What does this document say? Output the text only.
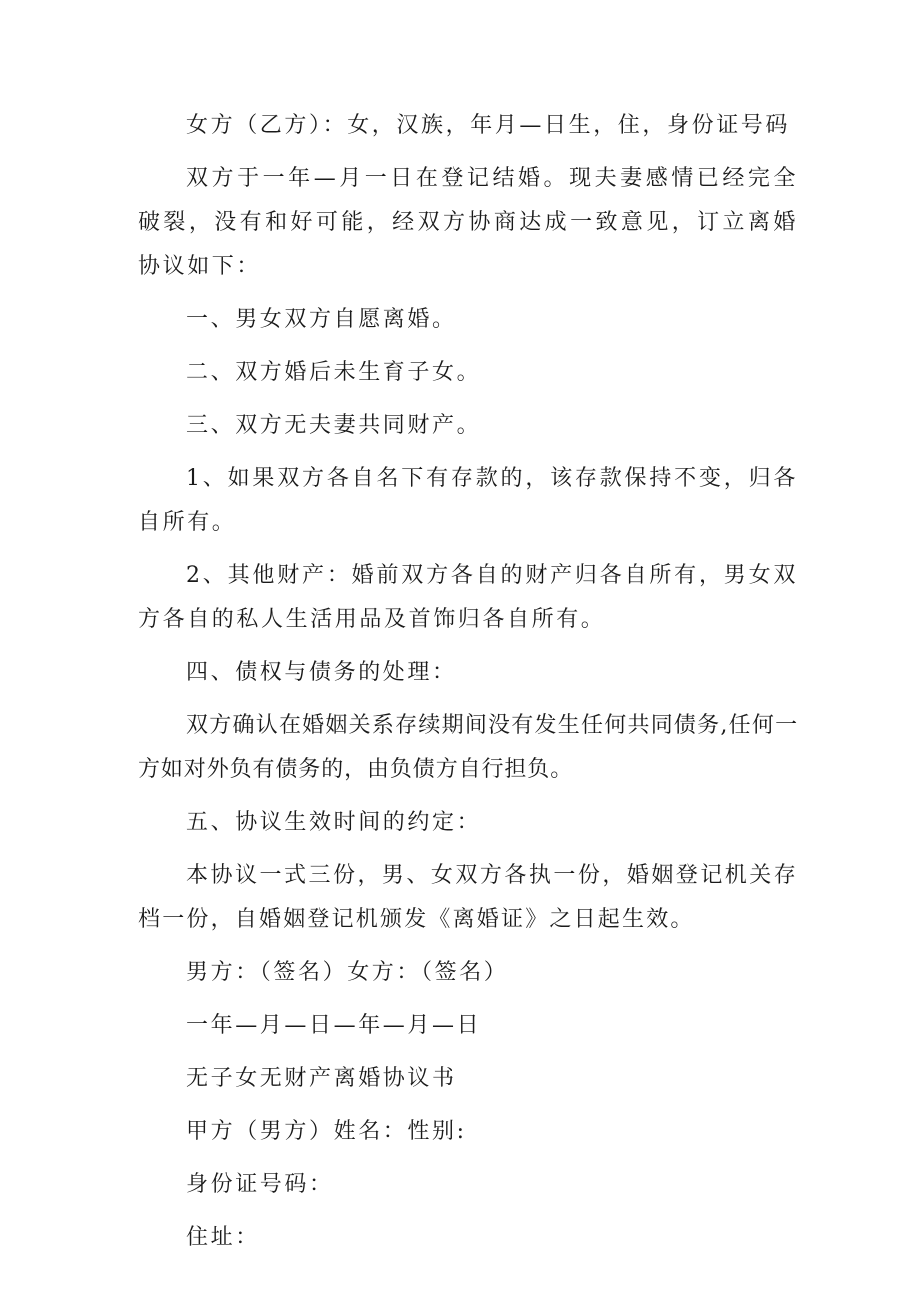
女方（乙方）：女，汉族，年月—日生，住，身份证号码

双方于一年—月一日在登记结婚。现夫妻感情已经完全破裂，没有和好可能，经双方协商达成一致意见，订立离婚协议如下：

一、男女双方自愿离婚。

二、双方婚后未生育子女。

三、双方无夫妻共同财产。

1、如果双方各自名下有存款的，该存款保持不变，归各自所有。

2、其他财产：婚前双方各自的财产归各自所有，男女双方各自的私人生活用品及首饰归各自所有。

四、债权与债务的处理：

双方确认在婚姻关系存续期间没有发生任何共同债务,任何一方如对外负有债务的，由负债方自行担负。

五、协议生效时间的约定：

本协议一式三份，男、女双方各执一份，婚姻登记机关存档一份，自婚姻登记机颁发《离婚证》之日起生效。

男方：（签名）女方：（签名）

一年—月—日—年—月—日

无子女无财产离婚协议书

甲方（男方）姓名：性别:

身份证号码：

住址：
